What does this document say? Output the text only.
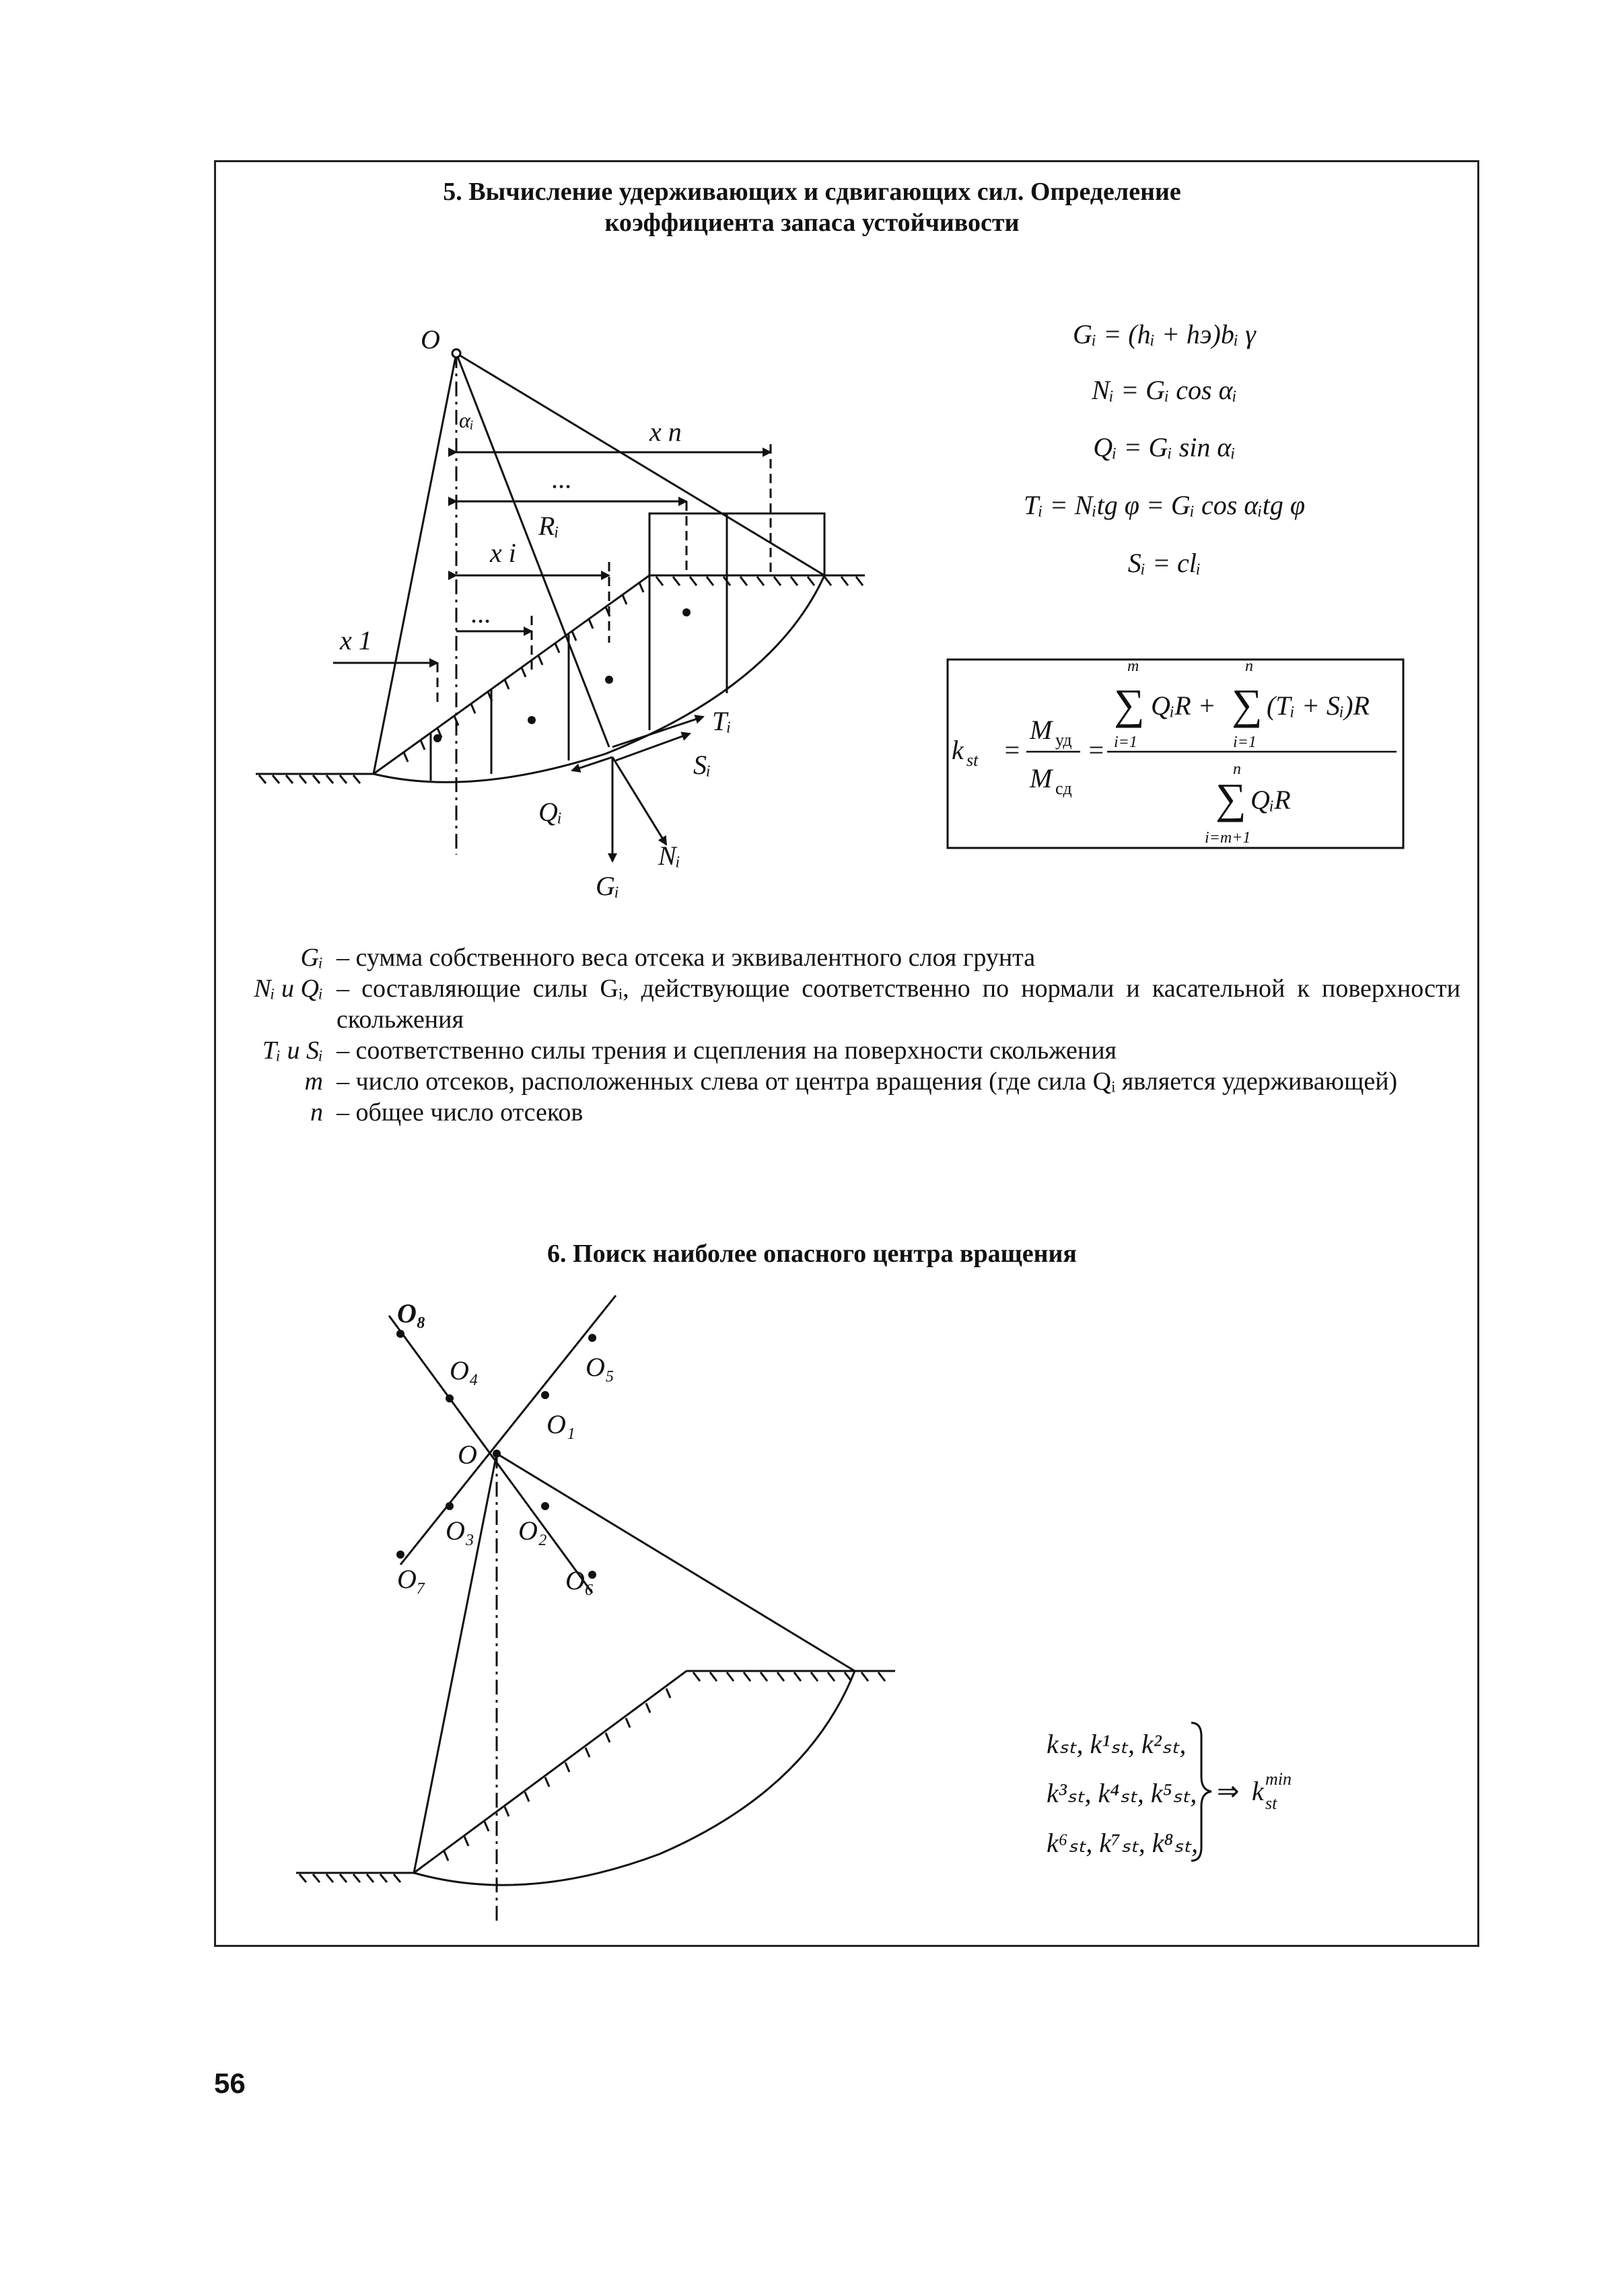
5. Вычисление удерживающих и сдвигающих сил. Определение
коэффициента запаса устойчивости
O
αᵢ	x n
...
Rᵢ
x i
x 1
...
Tᵢ
Sᵢ
Qᵢ
Nᵢ
Gᵢ
Gᵢ = (hᵢ + hэ)bᵢ γ
Nᵢ = Gᵢ cos αᵢ
Qᵢ = Gᵢ sin αᵢ
Tᵢ = Nᵢtg φ = Gᵢ cos αᵢtg φ
Sᵢ = clᵢ
k st =
M уд
M сд
=
m
∑ QᵢR +
i=1
n
∑ (Tᵢ + Sᵢ)R
i=1
n
∑ QᵢR
i=m+1
O₈
O₄	O₅
O₁
O
O₃ O₂
O₇	O₆
kₛₜ, k¹ₛₜ, k²ₛₜ,
k³ₛₜ, k⁴ₛₜ, k⁵ₛₜ,
k⁶ₛₜ, k⁷ₛₜ, k⁸ₛₜ,
⇒ k min
st
Gᵢ – сумма собственного веса отсека и эквивалентного слоя грунта
Nᵢ и Qᵢ – составляющие силы Gᵢ, действующие соответственно по нормали и касательной к поверхности скольжения
Tᵢ и Sᵢ – соответственно силы трения и сцепления на поверхности скольжения
m – число отсеков, расположенных слева от центра вращения (где сила Qᵢ является удерживающей)
n – общее число отсеков
6. Поиск наиболее опасного центра вращения
56
